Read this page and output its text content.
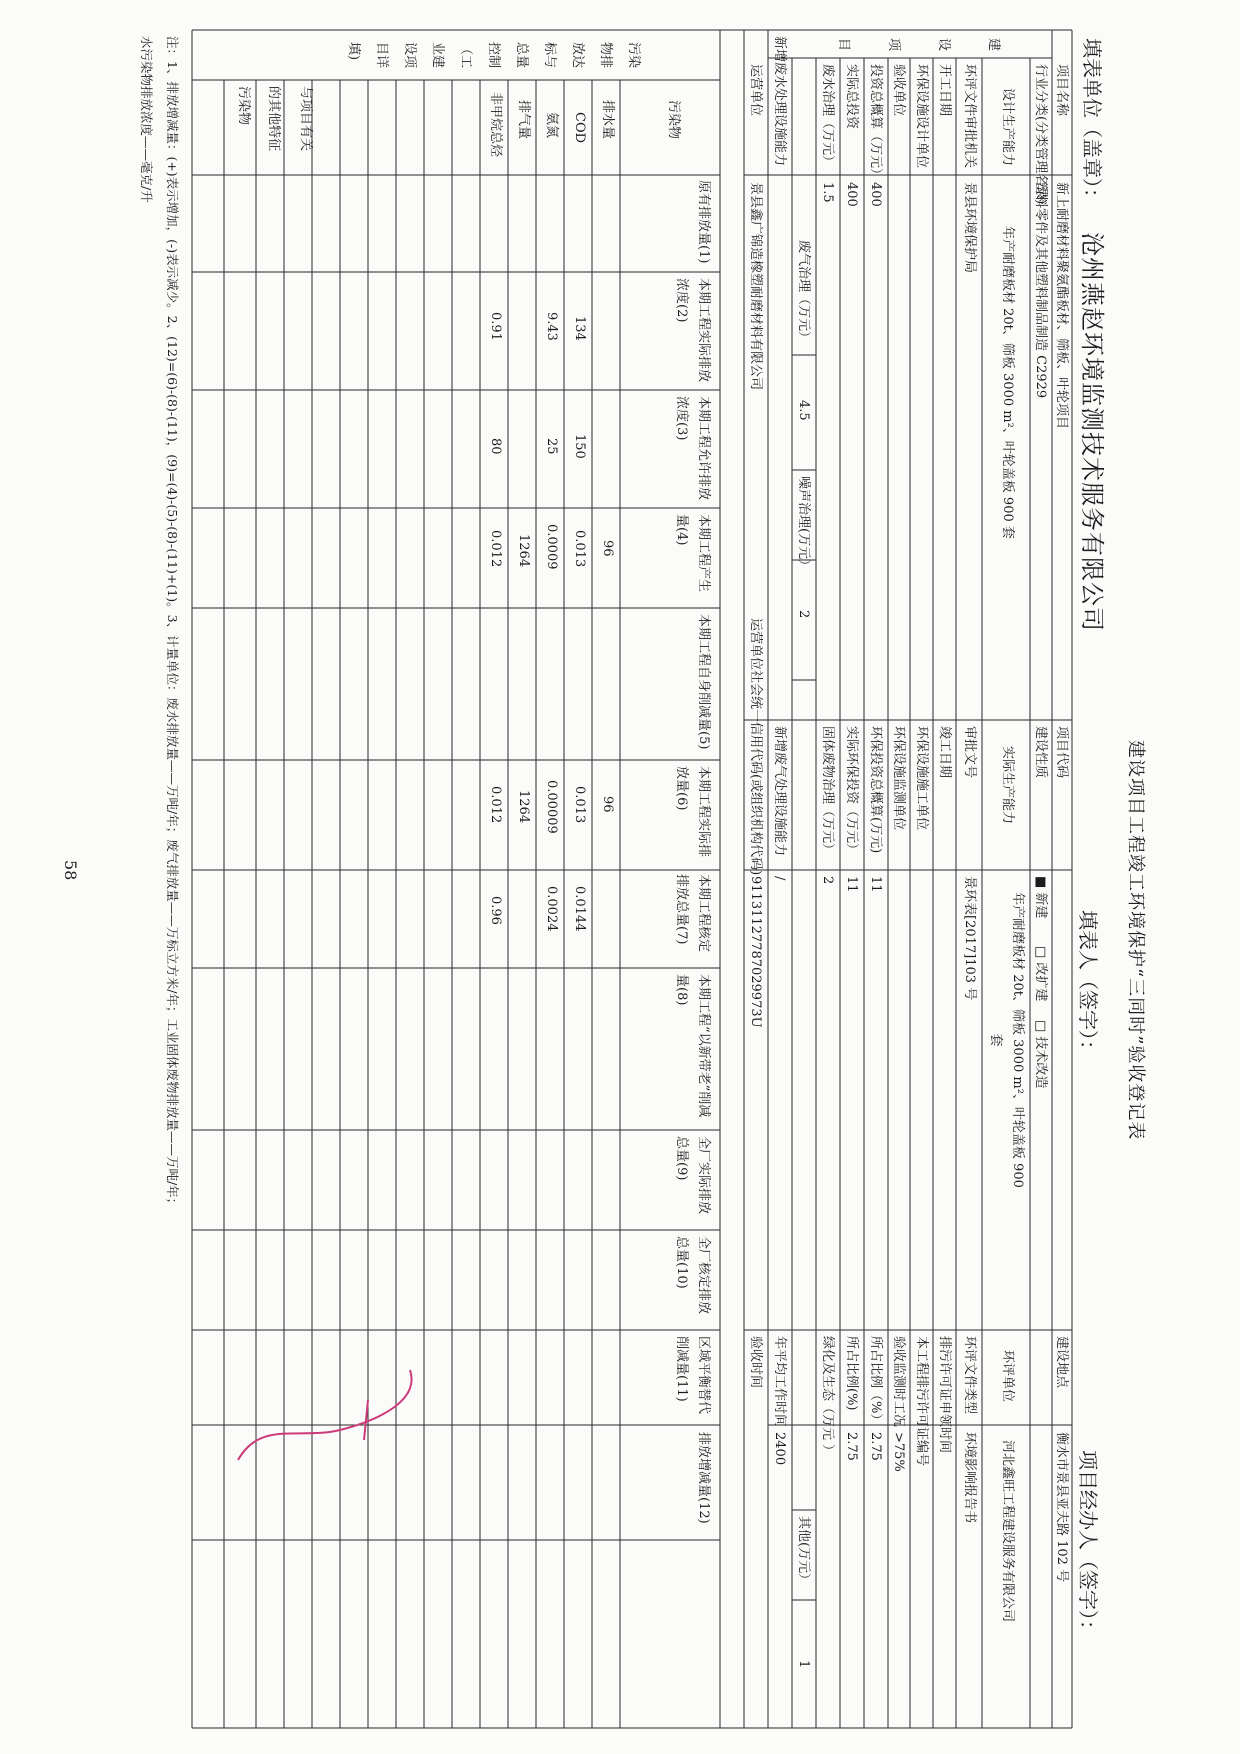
建设项目工程竣工环境保护“三同时”验收登记表
填表单位（盖章）：
沧州燕赵环境监测技术服务有限公司
填表人（签字）：
项目经办人（签字）：
项目名称
新上耐磨材料聚氨酯板材、筛板、叶轮项目
项目代码
建设地点
衡水市景县亚夫路 102 号
行业分类(分类管理名录)
塑料零件及其他塑料制品制造 C2929
建设性质
■ 新建
□ 改扩建
□ 技术改造
设计生产能力
年产耐磨板材 20t、筛板 3000 m²、叶轮盖板 900 套
实际生产能力
年产耐磨板材 20t、筛板 3000 m²、叶轮盖板 900 套
环评单位
河北鑫旺工程建设服务有限公司
环评文件审批机关
景县环境保护局
审批文号
景环表[2017]103 号
环评文件类型
环境影响报告书
开工日期
竣工日期
排污许可证申领时间
环保设施设计单位
环保设施施工单位
本工程排污许可证编号
验收单位
环保设施监测单位
验收监测时工况
>75%
投资总概算（万元）
400
环保投资总概算(万元)
11
所占比例（%）
2.75
实际总投资
400
实际环保投资（万元）
11
所占比例(%)
2.75
废水治理（万元）
1.5
固体废物治理（万元）
2
绿化及生态（万元 ）
废气治理（万元）
4.5
噪声治理(万元）
2
其他(万元）
1
新增废水处理设施能力
新增废气处理设施能力
/
年平均工作时间
2400
运营单位
景县鑫广锦造橡塑耐磨材料有限公司
运营单位社会统一信用代码(或组织机构代码)
91131127787029973U
验收时间
建
设
项
目
污染
物排
放达
标与
总量
控制
（工
业建
设项
目详
填)
污染物
原有排放量(1)
本期工程实际排放浓度(2)
本期工程允许排放浓度(3)
本期工程产生量(4)
本期工程自身削减量(5)
本期工程实际排放量(6)
本期工程核定排放总量(7)
本期工程“以新带老”削减量(8)
全厂实际排放总量(9)
全厂核定排放总量(10)
区域平衡替代削减量(11)
排放增减量(12)
排水量
96
96
COD
134
150
0.013
0.013
0.0144
氨氮
9.43
25
0.0009
0.00009
0.0024
排气量
1264
1264
非甲烷总烃
0.91
80
0.012
0.012
0.96
与项目有关
的其他特征
污染物
注：1、排放增减量：(+)表示增加，(-)表示减少。2、(12)=(6)-(8)-(11)，(9)=(4)-(5)-(8)-(11)+(1)。3、计量单位：废水排放量——万吨/年；废气排放量——万标立方米/年；工业固体废物排放量——万吨/年；
水污染物排放浓度——毫克/升
58
